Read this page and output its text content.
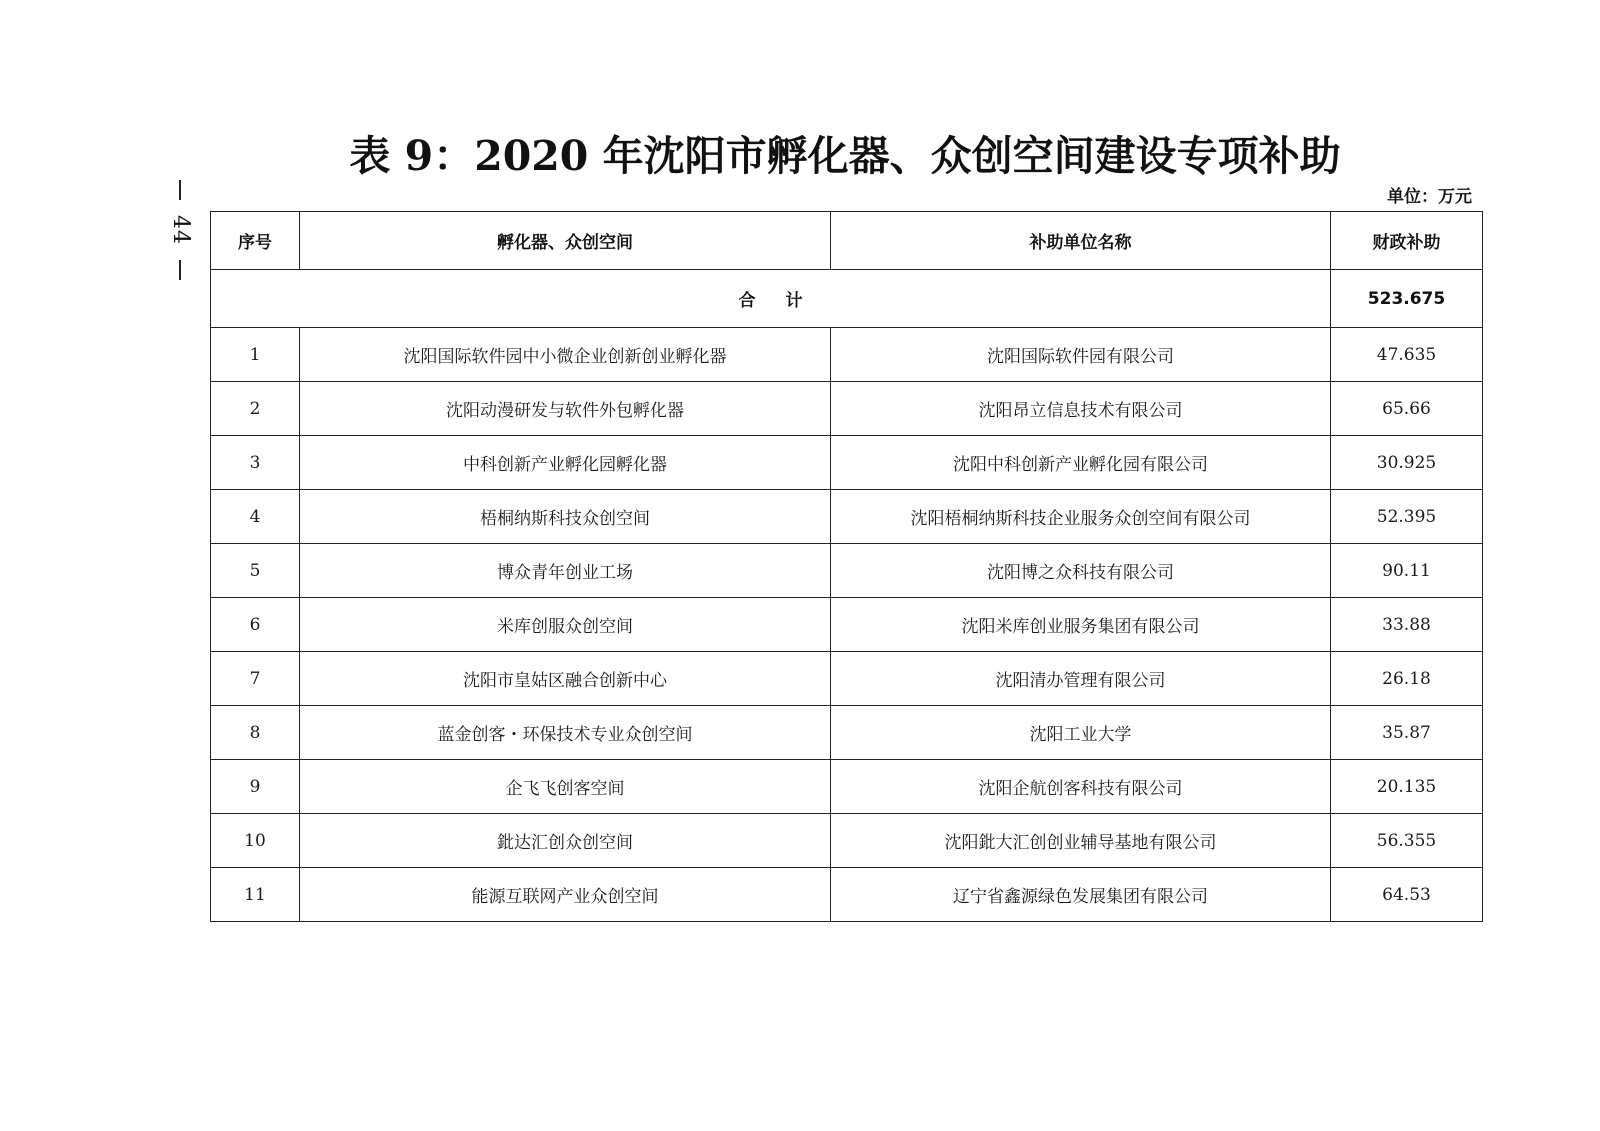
44
表 9：2020 年沈阳市孵化器、众创空间建设专项补助
单位：万元
序号	孵化器、众创空间	补助单位名称	财政补助
合计			523.675
1	沈阳国际软件园中小微企业创新创业孵化器	沈阳国际软件园有限公司	47.635
2	沈阳动漫研发与软件外包孵化器	沈阳昂立信息技术有限公司	65.66
3	中科创新产业孵化园孵化器	沈阳中科创新产业孵化园有限公司	30.925
4	梧桐纳斯科技众创空间	沈阳梧桐纳斯科技企业服务众创空间有限公司	52.395
5	博众青年创业工场	沈阳博之众科技有限公司	90.11
6	米库创服众创空间	沈阳米库创业服务集团有限公司	33.88
7	沈阳市皇姑区融合创新中心	沈阳清办管理有限公司	26.18
8	蓝金创客・环保技术专业众创空间	沈阳工业大学	35.87
9	企飞飞创客空间	沈阳企航创客科技有限公司	20.135
10	鈚达汇创众创空间	沈阳鈚大汇创创业辅导基地有限公司	56.355
11	能源互联网产业众创空间	辽宁省鑫源绿色发展集团有限公司	64.53
